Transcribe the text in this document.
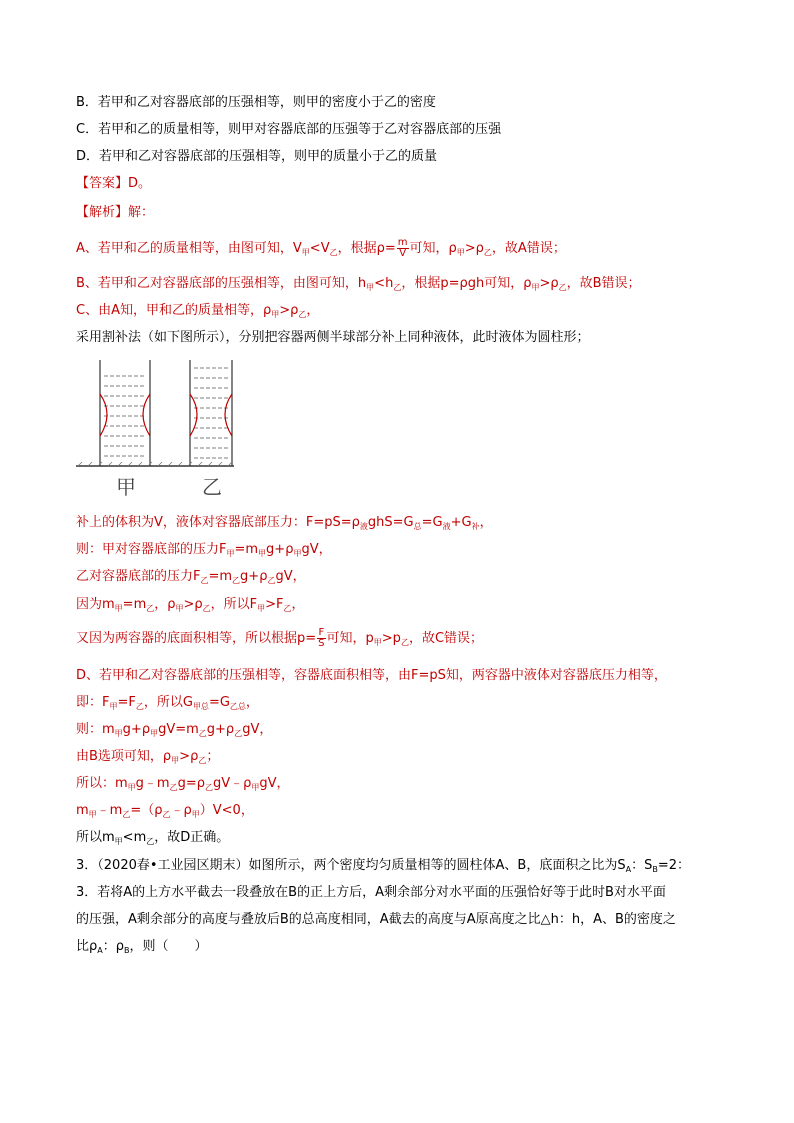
B．若甲和乙对容器底部的压强相等，则甲的密度小于乙的密度
C．若甲和乙的质量相等，则甲对容器底部的压强等于乙对容器底部的压强
D．若甲和乙对容器底部的压强相等，则甲的质量小于乙的质量
【答案】D。
【解析】解：
A、若甲和乙的质量相等，由图可知，$V_甲<V_乙$，根据$\rho= \frac{m}{V}$ 可知，$\rho_甲>\rho_乙$，故A错误；
B、若甲和乙对容器底部的压强相等，由图可知，$h_甲<h_乙$，根据p=ρgh可知，$\rho_甲>\rho_乙$，故B错误；
C、由A知，甲和乙的质量相等，$\rho_甲>\rho_乙$，
采用割补法（如下图所示），分别把容器两侧半球部分补上同种液体，此时液体为圆柱形；
甲	乙
补上的体积为V，液体对容器底部压力：$F=pS=\rho_液ghS=G_总=G_液+G_补$，
则：甲对容器底部的压力$F_甲=m_甲g+\rho_甲gV$，
乙对容器底部的压力$F_乙=m_乙g+\rho_乙gV$，
因为$m_甲=m_乙$，$\rho_甲>\rho_乙$，所以$F_甲>F_乙$，
又因为两容器的底面积相等，所以根据$p= \frac{F}{S}$ 可知，$p_甲>p_乙$，故C错误；
D、若甲和乙对容器底部的压强相等，容器底面积相等，由F=pS知，两容器中液体对容器底压力相等，
即：$F_甲=F_乙$，所以$G_{甲总}=G_{乙总}$，
则：$m_甲g+\rho_甲gV=m_乙g+\rho_乙gV$，
由B选项可知，$\rho_甲>\rho_乙$；
所以：$m_甲g﹣m_乙g=\rho_乙gV﹣\rho_甲gV$，
$m_甲﹣m_乙=(\rho_乙﹣\rho_甲)V<0$，
所以$m_甲<m_乙$，故D正确。
3．（2020春•工业园区期末）如图所示，两个密度均匀质量相等的圆柱体A、B，底面积之比为$S_A$：$S_B=2$：
3．若将A的上方水平截去一段叠放在B的正上方后，A剩余部分对水平面的压强恰好等于此时B对水平面
的压强，A剩余部分的高度与叠放后B的总高度相同，A截去的高度与A原高度之比△h：h，A、B的密度之
比$\rho_A$：$\rho_B$，则（　　）
